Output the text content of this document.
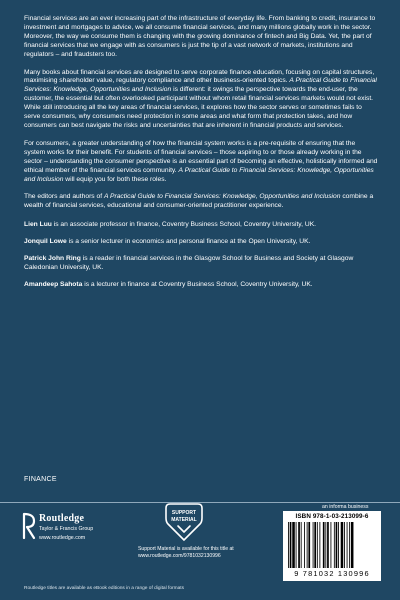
Financial services are an ever increasing part of the infrastructure of everyday life. From banking to credit, insurance to investment and mortgages to advice, we all consume financial services, and many millions globally work in the sector. Moreover, the way we consume them is changing with the growing dominance of fintech and Big Data. Yet, the part of financial services that we engage with as consumers is just the tip of a vast network of markets, institutions and regulators – and fraudsters too.

Many books about financial services are designed to serve corporate finance education, focusing on capital structures, maximising shareholder value, regulatory compliance and other business-oriented topics. A Practical Guide to Financial Services: Knowledge, Opportunities and Inclusion is different: it swings the perspective towards the end-user, the customer, the essential but often overlooked participant without whom retail financial services markets would not exist. While still introducing all the key areas of financial services, it explores how the sector serves or sometimes fails to serve consumers, why consumers need protection in some areas and what form that protection takes, and how consumers can best navigate the risks and uncertainties that are inherent in financial products and services.

For consumers, a greater understanding of how the financial system works is a pre-requisite of ensuring that the system works for their benefit. For students of financial services – those aspiring to or those already working in the sector – understanding the consumer perspective is an essential part of becoming an effective, holistically informed and ethical member of the financial services community. A Practical Guide to Financial Services: Knowledge, Opportunities and Inclusion will equip you for both these roles.

The editors and authors of A Practical Guide to Financial Services: Knowledge, Opportunities and Inclusion combine a wealth of financial services, educational and consumer-oriented practitioner experience.

Lien Luu is an associate professor in finance, Coventry Business School, Coventry University, UK.

Jonquil Lowe is a senior lecturer in economics and personal finance at the Open University, UK.

Patrick John Ring is a reader in financial services in the Glasgow School for Business and Society at Glasgow Caledonian University, UK.

Amandeep Sahota is a lecturer in finance at Coventry Business School, Coventry University, UK.

FINANCE
Routledge
Taylor & Francis Group
www.routledge.com
SUPPORT
MATERIAL
Support Material is available for this title at
www.routledge.com/9781032130996
an informa business
ISBN 978-1-03-213099-6
9 781032 130996
Routledge titles are available as eBook editions in a range of digital formats
